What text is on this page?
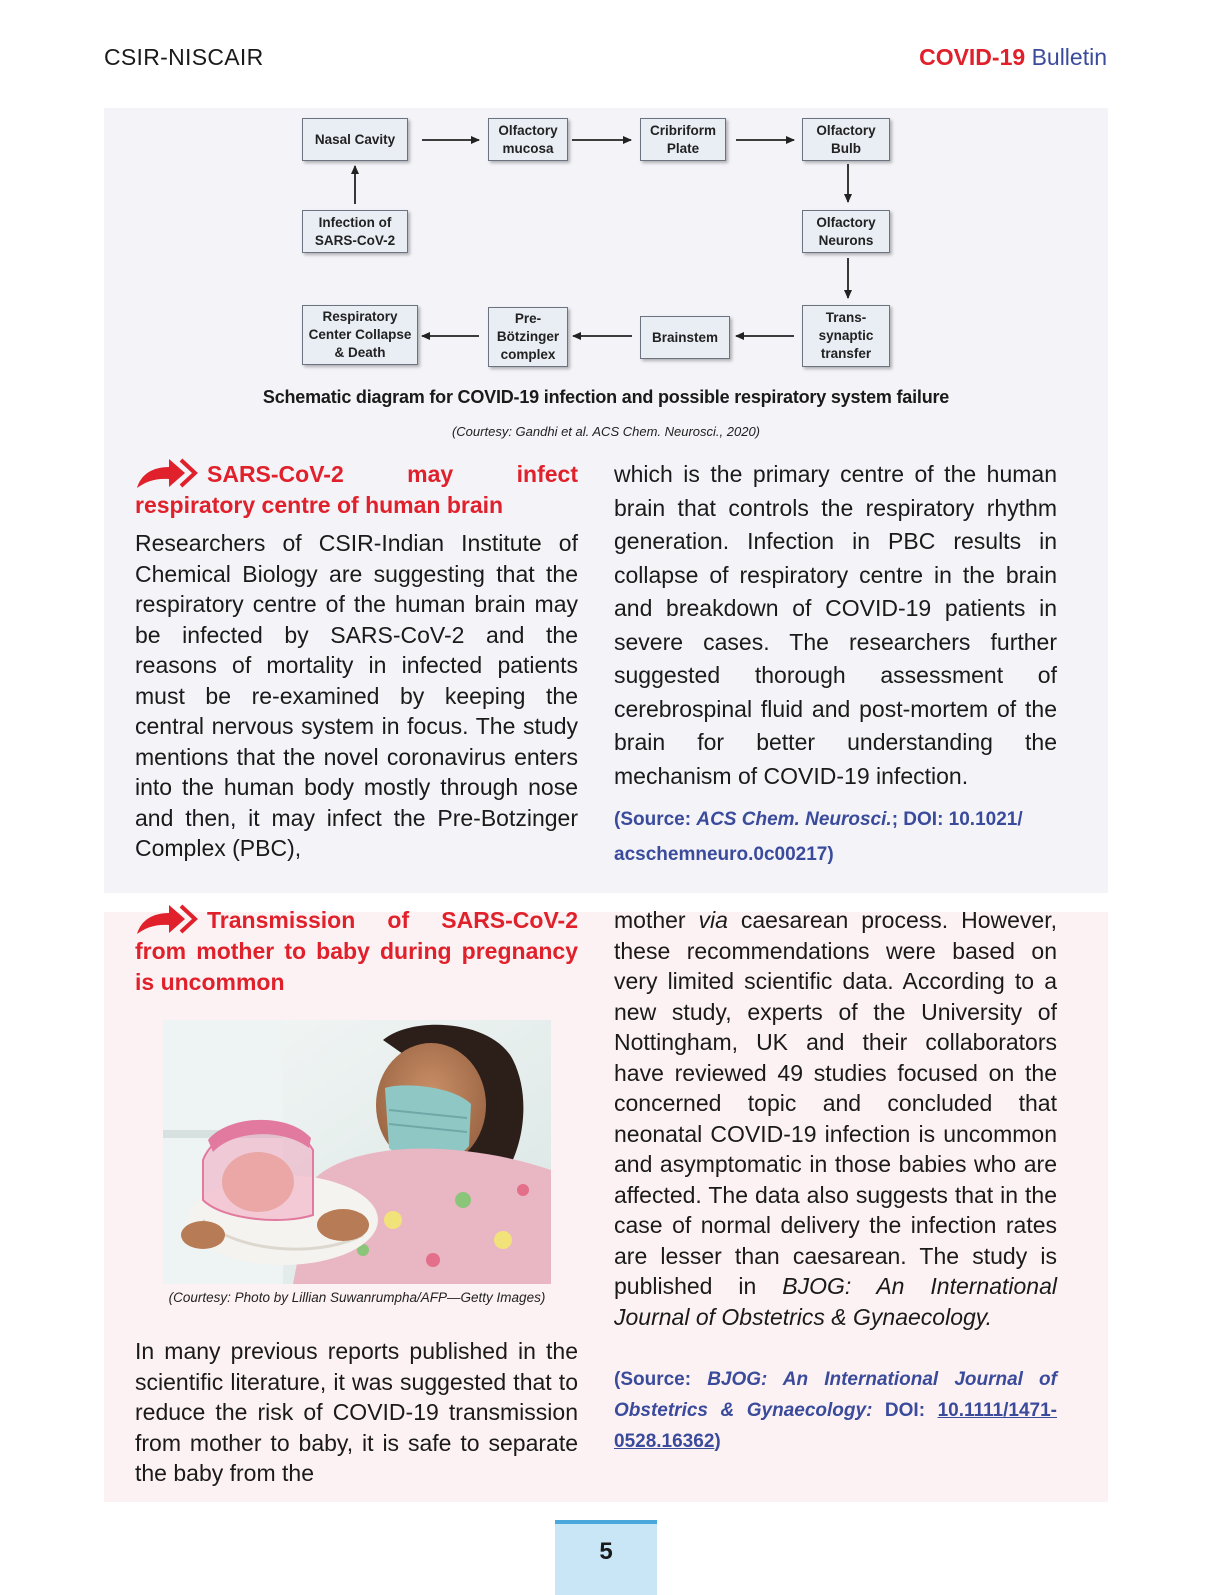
CSIR-NISCAIR	COVID-19 Bulletin
Nasal Cavity
Olfactory
mucosa
Cribriform
Plate
Olfactory
Bulb
Infection of
SARS-CoV-2
Olfactory
Neurons
Respiratory
Center Collapse
& Death
Pre-
Bötzinger
complex
Brainstem
Trans-
synaptic
transfer
Schematic diagram for COVID-19 infection and possible respiratory system failure
(Courtesy: Gandhi et al. ACS Chem. Neurosci., 2020)
SARS-CoV-2 may infect respiratory centre of human brain
Researchers of CSIR-Indian Institute of Chemical Biology are suggesting that the respiratory centre of the human brain may be infected by SARS-CoV-2 and the reasons of mortality in infected patients must be re-examined by keeping the central nervous system in focus. The study mentions that the novel coronavirus enters into the human body mostly through nose and then, it may infect the Pre-Botzinger Complex (PBC),
which is the primary centre of the human brain that controls the respiratory rhythm generation. Infection in PBC results in collapse of respiratory centre in the brain and breakdown of COVID-19 patients in severe cases. The researchers further suggested thorough assessment of cerebrospinal fluid and post-mortem of the brain for better understanding the mechanism of COVID-19 infection.
(Source: ACS Chem. Neurosci.; DOI: 10.1021/ acschemneuro.0c00217)
Transmission of SARS-CoV-2 from mother to baby during pregnancy is uncommon
(Courtesy: Photo by Lillian Suwanrumpha/AFP—Getty Images)
In many previous reports published in the scientific literature, it was suggested that to reduce the risk of COVID-19 transmission from mother to baby, it is safe to separate the baby from the
mother via caesarean process. However, these recommendations were based on very limited scientific data. According to a new study, experts of the University of Nottingham, UK and their collaborators have reviewed 49 studies focused on the concerned topic and concluded that neonatal COVID-19 infection is uncommon and asymptomatic in those babies who are affected. The data also suggests that in the case of normal delivery the infection rates are lesser than caesarean. The study is published in BJOG: An International Journal of Obstetrics & Gynaecology.
(Source: BJOG: An International Journal of Obstetrics & Gynaecology: DOI: 10.1111/1471-0528.16362)
5
